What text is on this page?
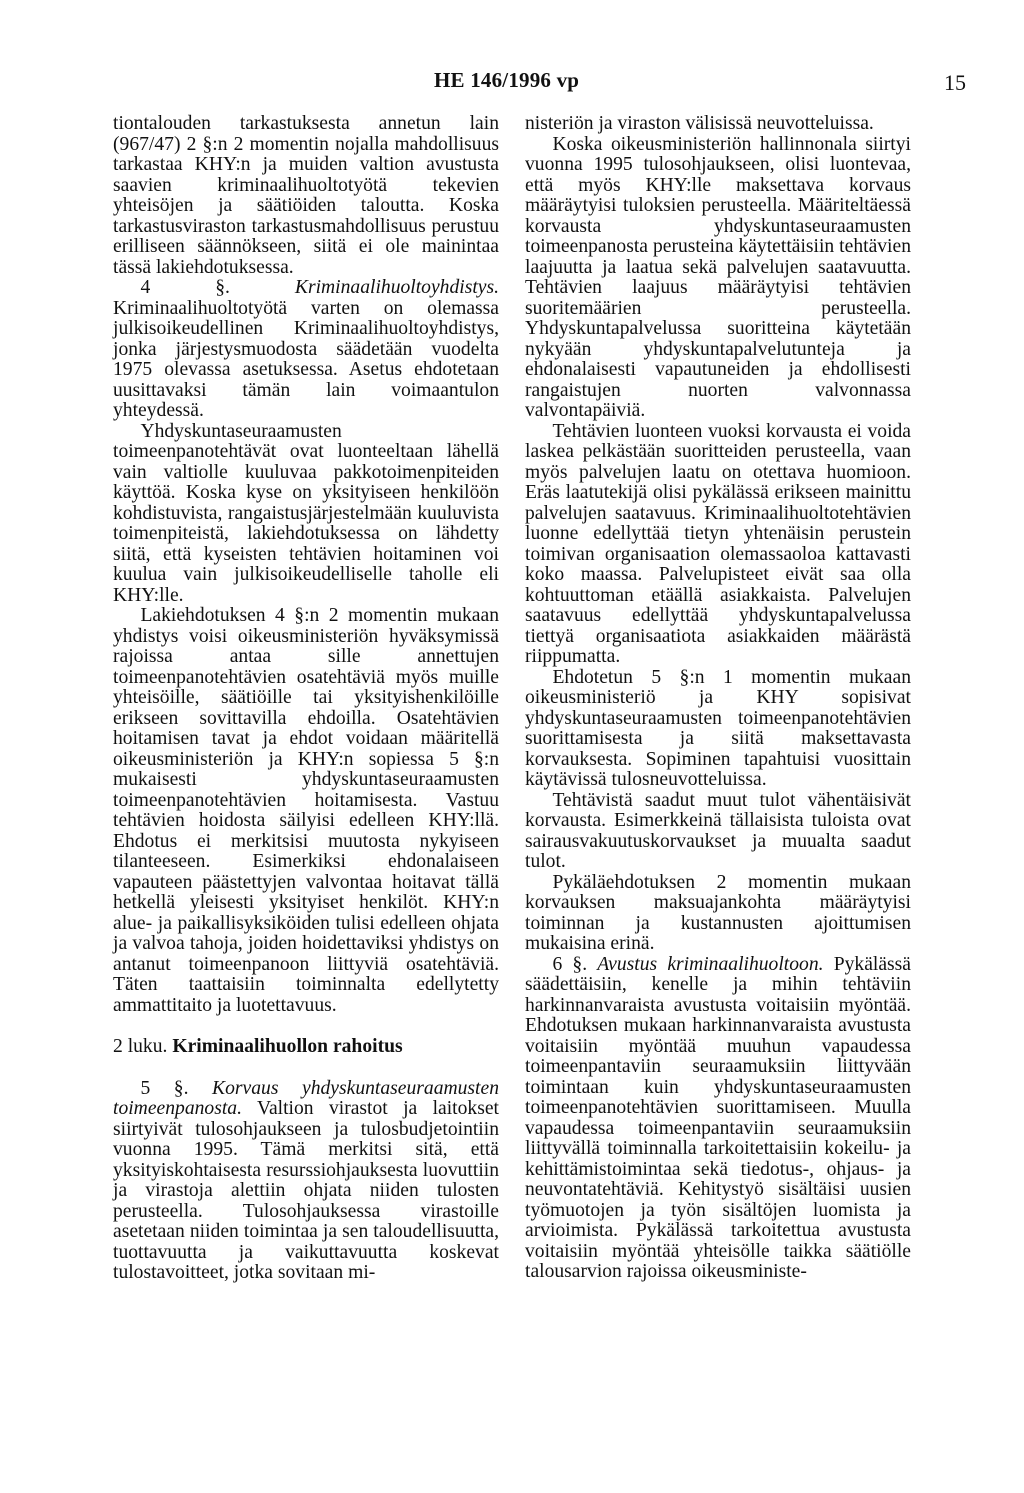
HE 146/1996 vp	15

tiontalouden tarkastuksesta annetun lain (967/47) 2 §:n 2 momentin nojalla mahdollisuus tarkastaa KHY:n ja muiden valtion avustusta saavien kriminaalihuoltotyötä tekevien yhteisöjen ja säätiöiden taloutta. Koska tarkastusviraston tarkastusmahdollisuus perustuu erilliseen säännökseen, siitä ei ole mainintaa tässä lakiehdotuksessa.

4 §.	Kriminaalihuoltoyhdistys. Kriminaalihuoltotyötä varten on olemassa julkisoikeudellinen Kriminaalihuoltoyhdistys, jonka järjestysmuodosta säädetään vuodelta 1975 olevassa asetuksessa. Asetus ehdotetaan uusittavaksi tämän lain voimaantulon yhteydessä.

Yhdyskuntaseuraamusten toimeenpanotehtävät ovat luonteeltaan lähellä vain valtiolle kuuluvaa pakkotoimenpiteiden käyttöä. Koska kyse on yksityiseen henkilöön kohdistuvista, rangaistusjärjestelmään kuuluvista toimenpiteistä, lakiehdotuksessa on lähdetty siitä, että kyseisten tehtävien hoitaminen voi kuulua vain julkisoikeudelliselle taholle eli KHY:lle.

Lakiehdotuksen 4 §:n 2 momentin mukaan yhdistys voisi oikeusministeriön hyväksymissä rajoissa antaa sille annettujen toimeenpanotehtävien osatehtäviä myös muille yhteisöille, säätiöille tai yksityishenkilöille erikseen sovittavilla ehdoilla. Osatehtävien hoitamisen tavat ja ehdot voidaan määritellä oikeusministeriön ja KHY:n sopiessa 5 §:n mukaisesti yhdyskuntaseuraamusten toimeenpanotehtävien hoitamisesta. Vastuu tehtävien hoidosta säilyisi edelleen KHY:llä. Ehdotus ei merkitsisi muutosta nykyiseen tilanteeseen. Esimerkiksi ehdonalaiseen vapauteen päästettyjen valvontaa hoitavat tällä hetkellä yleisesti yksityiset henkilöt. KHY:n alue- ja paikallisyksiköiden tulisi edelleen ohjata ja valvoa tahoja, joiden hoidettaviksi yhdistys on antanut toimeenpanoon liittyviä osatehtäviä. Täten taattaisiin toiminnalta edellytetty ammattitaito ja luotettavuus.

2 luku. Kriminaalihuollon rahoitus

5 §. Korvaus yhdyskuntaseuraamusten toimeenpanosta. Valtion virastot ja laitokset siirtyivät tulosohjaukseen ja tulosbudjetointiin vuonna 1995. Tämä merkitsi sitä, että yksityiskohtaisesta resurssiohjauksesta luovuttiin ja virastoja alettiin ohjata niiden tulosten perusteella. Tulosohjauksessa virastoille asetetaan niiden toimintaa ja sen taloudellisuutta, tuottavuutta ja vaikuttavuutta koskevat tulostavoitteet, jotka sovitaan mi-

nisteriön ja viraston välisissä neuvotteluissa.

Koska oikeusministeriön hallinnonala siirtyi vuonna 1995 tulosohjaukseen, olisi luontevaa, että myös KHY:lle maksettava korvaus määräytyisi tuloksien perusteella. Määriteltäessä korvausta yhdyskuntaseuraamusten toimeenpanosta perusteina käytettäisiin tehtävien laajuutta ja laatua sekä palvelujen saatavuutta. Tehtävien laajuus määräytyisi tehtävien suoritemäärien perusteella. Yhdyskuntapalvelussa suoritteina käytetään nykyään yhdyskuntapalvelutunteja ja ehdonalaisesti vapautuneiden ja ehdollisesti rangaistujen nuorten valvonnassa valvontapäiviä.

Tehtävien luonteen vuoksi korvausta ei voida laskea pelkästään suoritteiden perusteella, vaan myös palvelujen laatu on otettava huomioon. Eräs laatutekijä olisi pykälässä erikseen mainittu palvelujen saatavuus. Kriminaalihuoltotehtävien luonne edellyttää tietyn yhtenäisin perustein toimivan organisaation olemassaoloa kattavasti koko maassa. Palvelupisteet eivät saa olla kohtuuttoman etäällä asiakkaista. Palvelujen saatavuus edellyttää yhdyskuntapalvelussa tiettyä organisaatiota asiakkaiden määrästä riippumatta.

Ehdotetun 5 §:n 1 momentin mukaan oikeusministeriö ja KHY sopisivat yhdyskuntaseuraamusten toimeenpanotehtävien suorittamisesta ja siitä maksettavasta korvauksesta. Sopiminen tapahtuisi vuosittain käytävissä tulosneuvotteluissa.

Tehtävistä saadut muut tulot vähentäisivät korvausta. Esimerkkeinä tällaisista tuloista ovat sairausvakuutuskorvaukset ja muualta saadut tulot.

Pykäläehdotuksen 2 momentin mukaan korvauksen maksuajankohta määräytyisi toiminnan ja kustannusten ajoittumisen mukaisina erinä.

6 §. Avustus kriminaalihuoltoon. Pykälässä säädettäisiin, kenelle ja mihin tehtäviin harkinnanvaraista avustusta voitaisiin myöntää. Ehdotuksen mukaan harkinnanvaraista avustusta voitaisiin myöntää muuhun vapaudessa toimeenpantaviin seuraamuksiin liittyvään toimintaan kuin yhdyskuntaseuraamusten toimeenpanotehtävien suorittamiseen. Muulla vapaudessa toimeenpantaviin seuraamuksiin liittyvällä toiminnalla tarkoitettaisiin kokeilu- ja kehittämistoimintaa sekä tiedotus-, ohjaus- ja neuvontatehtäviä. Kehitystyö sisältäisi uusien työmuotojen ja työn sisältöjen luomista ja arvioimista. Pykälässä tarkoitettua avustusta voitaisiin myöntää yhteisölle taikka säätiölle talousarvion rajoissa oikeusministe-
